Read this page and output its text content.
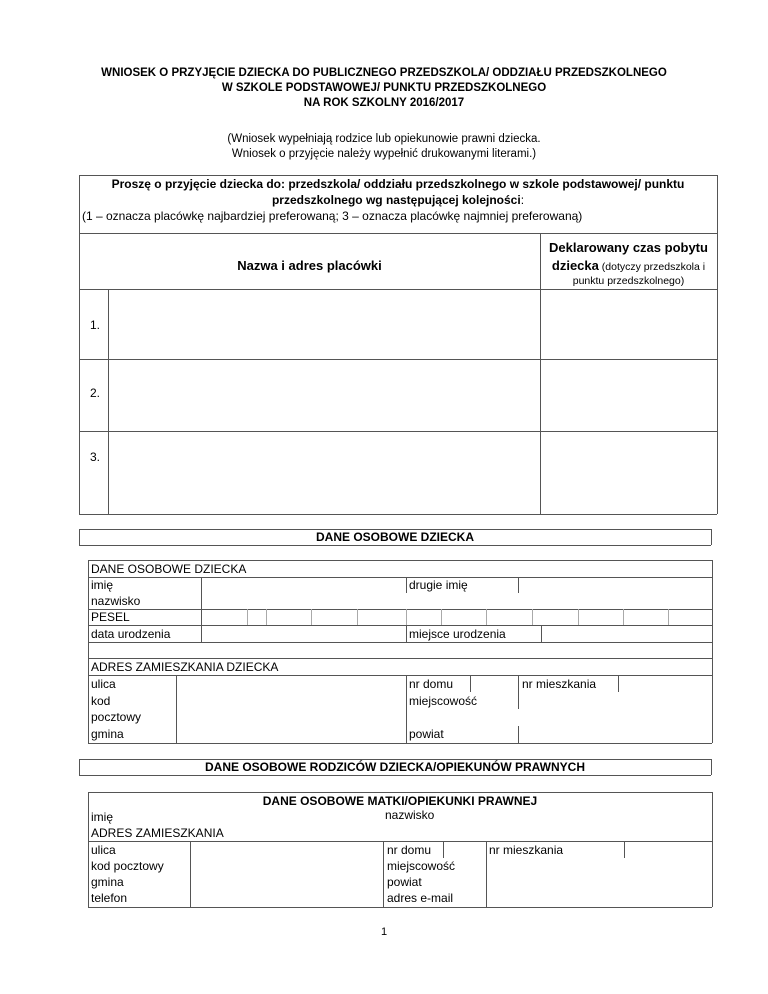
WNIOSEK O PRZYJĘCIE DZIECKA DO PUBLICZNEGO PRZEDSZKOLA/ ODDZIAŁU PRZEDSZKOLNEGO
W SZKOLE PODSTAWOWEJ/ PUNKTU PRZEDSZKOLNEGO
NA ROK SZKOLNY 2016/2017
(Wniosek wypełniają rodzice lub opiekunowie prawni dziecka.
Wniosek o przyjęcie należy wypełnić drukowanymi literami.)
Proszę o przyjęcie dziecka do: przedszkola/ oddziału przedszkolnego w szkole podstawowej/ punktu
przedszkolnego wg następującej kolejności:
(1 – oznacza placówkę najbardziej preferowaną; 3 – oznacza placówkę najmniej preferowaną)
Nazwa i adres placówki
Deklarowany czas pobytu
dziecka (dotyczy przedszkola i
punktu przedszkolnego)
1.
2.
3.
DANE OSOBOWE DZIECKA
DANE OSOBOWE DZIECKA
imię	drugie imię
nazwisko
PESEL
data urodzenia	miejsce urodzenia
ADRES ZAMIESZKANIA DZIECKA
ulica	nr domu	nr mieszkania
kod	miejscowość
pocztowy
gmina	powiat
DANE OSOBOWE RODZICÓW DZIECKA/OPIEKUNÓW PRAWNYCH
DANE OSOBOWE MATKI/OPIEKUNKI PRAWNEJ
imię	nazwisko
ADRES ZAMIESZKANIA
ulica	nr domu	nr mieszkania
kod pocztowy	miejscowość
gmina	powiat
telefon	adres e-mail
1
